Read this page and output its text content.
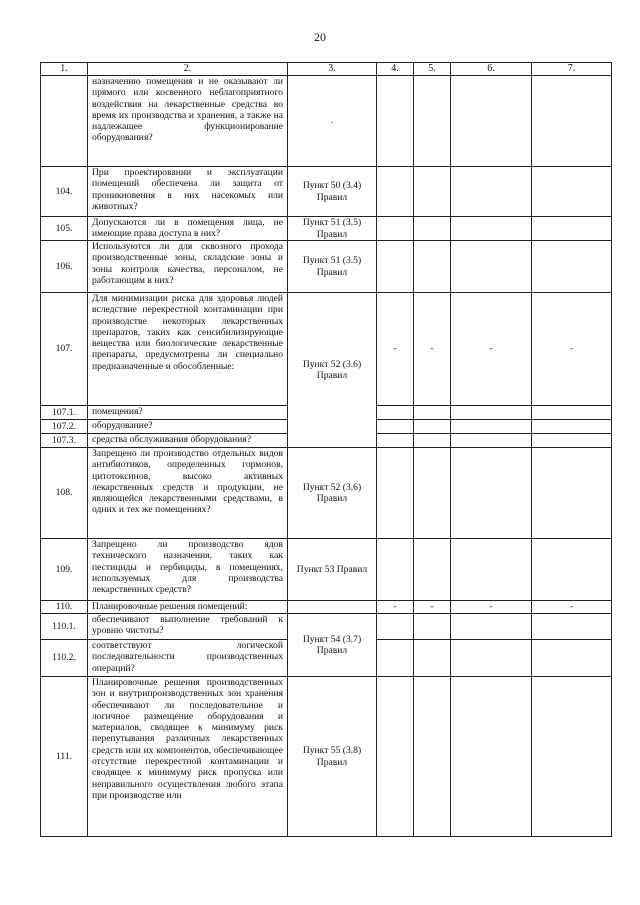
20
1.	2.	3.	4.	5.	6.	7.
	назначению помещения и не оказывают ли прямого или косвенного неблагоприятного воздействия на лекарственные средства во время их производства и хранения, а также на надлежащее функционирование оборудования?	.				
104.	При проектировании и эксплуатации помещений обеспечена ли защита от проникновения в них насекомых или животных?	Пункт 50 (3.4) Правил				
105.	Допускаются ли в помещения лица, не имеющие права доступа в них?	Пункт 51 (3.5) Правил				
106.	Используются ли для сквозного прохода производственные зоны, складские зоны и зоны контроля качества, персоналом, не работающим в них?	Пункт 51 (3.5) Правил				
107.	Для минимизации риска для здоровья людей вследствие перекрестной контаминации при производстве некоторых лекарственных препаратов, таких как сенсибилизирующие вещества или биологические лекарственные препараты, предусмотрены ли специально предназначенные и обособленные:	Пункт 52 (3.6) Правил	-	-	-	-
107.1.	помещения?					
107.2.	оборудование?					
107.3.	средства обслуживания оборудования?					
108.	Запрещено ли производство отдельных видов антибиотиков, определенных гормонов, цитотоксинов, высоко активных лекарственных средств и продукции, не являющейся лекарственными средствами, в одних и тех же помещениях?	Пункт 52 (3.6) Правил				
109.	Запрещено ли производство ядов технического назначения, таких как пестициды и гербициды, в помещениях, используемых для производства лекарственных средств?	Пункт 53 Правил				
110.	Планировочные решения помещений:		-	-	-	-
110.1.	обеспечивают выполнение требований к уровню чистоты?	Пункт 54 (3.7) Правил				
110.2.	соответствуют логической последовательности производственных операций?					
111.	Планировочные решения производственных зон и внутрипроизводственных зон хранения обеспечивают ли последовательное и логичное размещение оборудования и материалов, сводящее к минимуму риск перепутывания различных лекарственных средств или их компонентов, обеспечивающее отсутствие перекрестной контаминации и сводящее к минимуму риск пропуска или неправильного осуществления любого этапа при производстве или	Пункт 55 (3.8) Правил				
